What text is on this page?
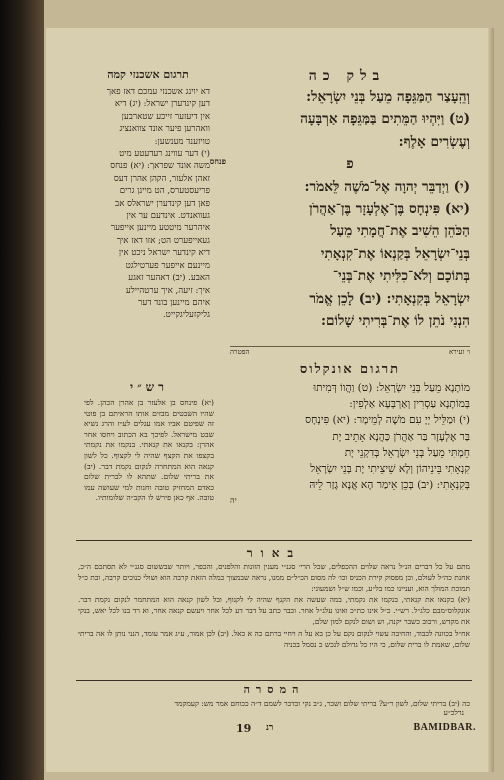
תרגום אשכנזי קמה

דא יוינג אשכנזי עמכם דאז פאך

דען קינדערן ישראל: (יג) דיא

אין דיעזער זייכע שטארבען

וואהרען פיער אונד צוואנציג

טויזענד מענשען:

(י) דער עווינג רעדעטע מיט

משה אונד שפראך: (יא) פנחס

זאהן אלעזר, הקהן אהרן דעס

פריעסטערס, הט מיינן גרים

פאן דען קינדערן ישראלס אב

געוואנדט. אינדעם ער אין

איהרער מיטטע מיינען אייפער

געאייפערט הט; אזו דאז איך

דיא קינדער ישראל ניכט אין

מיינעם אייפער פערטילגט

האבע. (יב) דאהער זאגע

איך: זיעה, איך ערטהיילע

איהם מיינען בונד דער

גליקזעליגקייט.

פנחס
רש״י
(יא) פינחס בן אלעזר בן אהרן הכהן. לפי שהיו השבטים מבזים אותו הראיתם בן פוטי זה שפיטם אביו אמו עגלים לע״ז והרג נשיא שבט מישראל. לפיכך בא הכתוב ויחסו אחר אהרן: בקנאו את קנאתי. בנקמו את נקמתי בקצפו את הקצף שהיה לי לקצוף. כל לשון קנאה הוא המתחרה לנקום נקמת דבר. (יב) את בריתי שלום. שתהא לו לברית שלום כאדם המחזיק טובה וחנות למי שעושה עמו טובה. אף כאן פירש לו הקב״ה שלומותיו.
בלק כה

וְהֵֽעָצַר הַמַּגֵּפָה מֵעַל בְּנֵי יִשְׂרָאֵל:

(ט) וַיִּהְיוּ הַמֵּתִים בַּמַּגֵּפָה אַרְבָּעָה

וְעֶשְׂרִים אָלֶף:

פ

(י) וַיְדַבֵּר יְהוָה אֶל־מֹשֶׁה לֵּאמֹר:

(יא) פִּינְחָס בֶּן־אֶלְעָזָר בֶּן־אַהֲרֹן

הַכֹּהֵן הֵשִׁיב אֶת־חֲמָתִי מֵעַל

בְּנֵי־יִשְׂרָאֵל בְּקַנְאוֹ אֶת־קִנְאָתִי

בְּתוֹכָם וְלֹא־כִלִּיתִי אֶת־בְּנֵי־

יִשְׂרָאֵל בְּקִנְאָתִי: (יב) לָכֵן אֱמֹר

הִנְנִי נֹתֵן לוֹ אֶת־בְּרִיתִי שָׁלוֹם:

ו׳ זעירא
הפטרה
תרגום אונקלוס

מוֹתָנָא מֵעַל בְּנֵי יִשְׂרָאֵל: (ט) וַהֲווֹ דְּמִיתוּ

בְּמוֹתָנָא עַסְרִין וְאַרְבְּעָא אַלְפִין:

(י) וּמַלֵּיל יְיָ עִם מֹשֶׁה לְמֵימָר: (יא) פִּינְחָס

בַּר אֶלְעָזָר בַּר אַהֲרֹן כַּהֲנָא אָתֵיב יָת

חֵמְתִּי מֵעַל בְּנֵי יִשְׂרָאֵל בְּדִקְנֵי יָת

קִנְאָתִי בֵּינֵיהוֹן וְלָא שֵׁיצֵיתִי יָת בְּנֵי יִשְׂרָאֵל

בְּקִנְאָתִי: (יב) בְּכֵן אֵימַר הָא אֲנָא גָזַר לֵיהּ

יה

באור

מתם על כל דברים הנ״ל נראה שלוים ההכפלים, שכל הרי׳ סגנ״י מענין הזונות והלפניס, והכפר, ויותר שבששום סגנ״י לא תסתכם ה״כ, אחנת כה״ל לעולם, וכן מפסוק קירת הכניס וכו׳ לה מסום הכ״ל״ם ממנו, נראה שבמצוך כמלה הזאת קרבה הוא ושולי כנוכים קרבה, ובת כ״ל תמוכת המולך הוא, ועניינו כמו בל״ע, וכמו ש״ל ושמעוני:

(יא) בקנאו את קנאתי, בנקמו את נקמתי, במה שעשה את הקנף שהיה לי לקנוף, ובל לשון קנאה הוא המתחמר לנקום נקמת דבר. אונקלוס״מבם כלג״ל. רש״י. כ״ל אינו כת״כ ואינו עלג״ל אחר. וכבר כתב על דבר דע לכל אחר ויעשם קנאה אחר, וא רד בנו לכל יאש, בנקי את מקדש, ורבוב כשבר יקנה, וש ושום לנקם למון שלם,

אח״ל בכוונה לכבוד, והחיבה עשוי לנקום נקם על כן בא על ה ויחיי ברתם כה א כאל. (יב) לכן אמור, ע״ג אמר עומד, הנני נותן לו אה בריתי שלום, שאמת לו ברית שלום, כי היו כל גדולם לנכש כ נסמל בכניה

המסרה
כה (יב) בריתי שלום, לשון ר״ע? בריתי שלום ושכר, ג״ב נקי וכדכר לשמם ד״ה ככוחם אמר מש: קעמקמד
נרלכ״ע
19 רנ	BAMIDBAR.
